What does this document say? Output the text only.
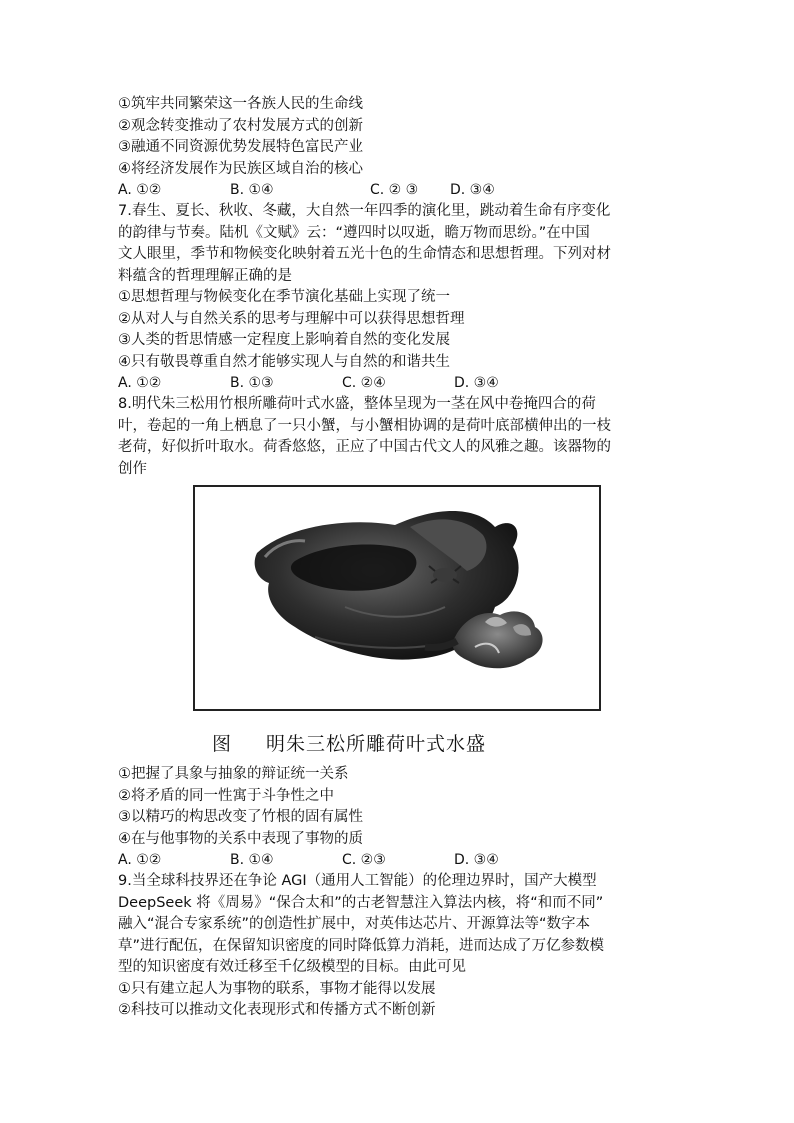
①筑牢共同繁荣这一各族人民的生命线
②观念转变推动了农村发展方式的创新
③融通不同资源优势发展特色富民产业
④将经济发展作为民族区域自治的核心
A. ①②	B. ①④	C. ② ③	D. ③④
7.春生、夏长、秋收、冬藏，大自然一年四季的演化里，跳动着生命有序变化
的韵律与节奏。陆机《文赋》云：“遵四时以叹逝，瞻万物而思纷。”在中国
文人眼里，季节和物候变化映射着五光十色的生命情态和思想哲理。下列对材
料蕴含的哲理理解正确的是
①思想哲理与物候变化在季节演化基础上实现了统一
②从对人与自然关系的思考与理解中可以获得思想哲理
③人类的哲思情感一定程度上影响着自然的变化发展
④只有敬畏尊重自然才能够实现人与自然的和谐共生
A. ①②	B. ①③	C. ②④	D. ③④
8.明代朱三松用竹根所雕荷叶式水盛，整体呈现为一茎在风中卷掩四合的荷
叶，卷起的一角上栖息了一只小蟹，与小蟹相协调的是荷叶底部横伸出的一枝
老荷，好似折叶取水。荷香悠悠，正应了中国古代文人的风雅之趣。该器物的
创作
图 明朱三松所雕荷叶式水盛
①把握了具象与抽象的辩证统一关系
②将矛盾的同一性寓于斗争性之中
③以精巧的构思改变了竹根的固有属性
④在与他事物的关系中表现了事物的质
A. ①②	B. ①④	C. ②③	D. ③④
9.当全球科技界还在争论 AGI（通用人工智能）的伦理边界时，国产大模型
DeepSeek 将《周易》“保合太和”的古老智慧注入算法内核，将“和而不同”
融入“混合专家系统”的创造性扩展中，对英伟达芯片、开源算法等“数字本
草”进行配伍，在保留知识密度的同时降低算力消耗，进而达成了万亿参数模
型的知识密度有效迁移至千亿级模型的目标。由此可见
①只有建立起人为事物的联系，事物才能得以发展
②科技可以推动文化表现形式和传播方式不断创新
